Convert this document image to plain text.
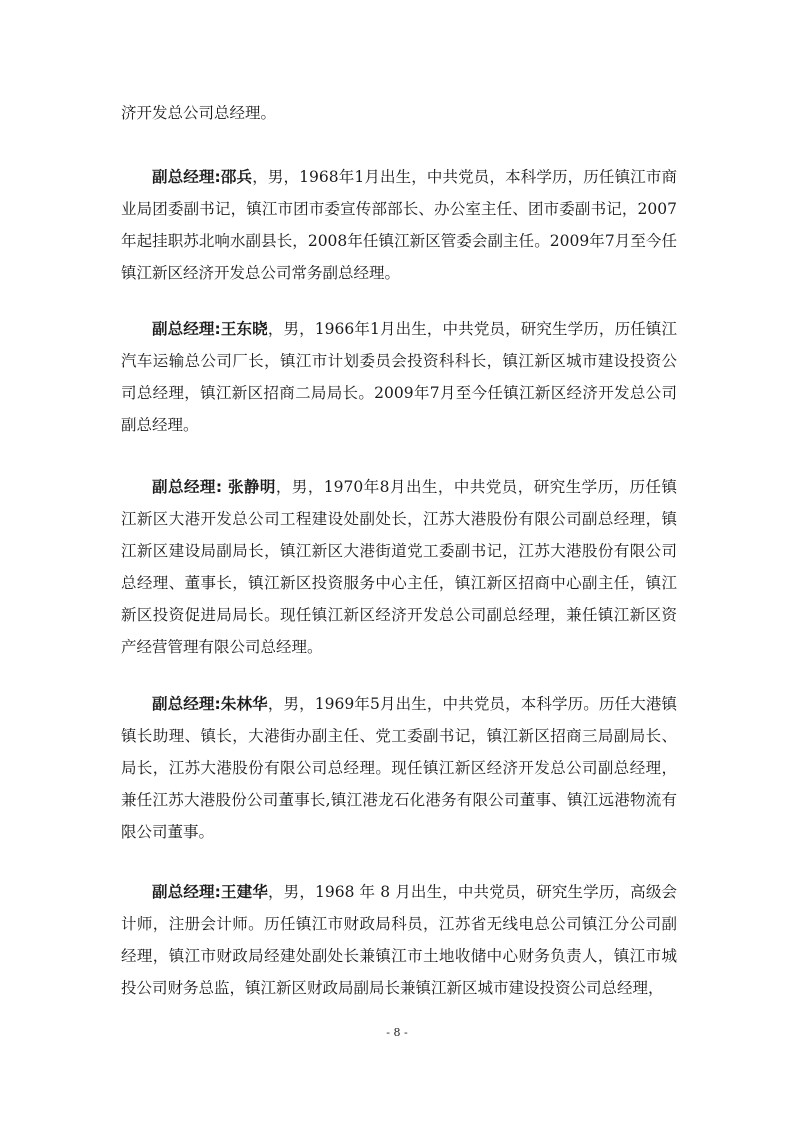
济开发总公司总经理。

副总经理:邵兵，男，1968年1月出生，中共党员，本科学历，历任镇江市商业局团委副书记，镇江市团市委宣传部部长、办公室主任、团市委副书记，2007年起挂职苏北响水副县长，2008年任镇江新区管委会副主任。2009年7月至今任镇江新区经济开发总公司常务副总经理。

副总经理:王东晓，男，1966年1月出生，中共党员，研究生学历，历任镇江汽车运输总公司厂长，镇江市计划委员会投资科科长，镇江新区城市建设投资公司总经理，镇江新区招商二局局长。2009年7月至今任镇江新区经济开发总公司副总经理。

副总经理: 张静明，男，1970年8月出生，中共党员，研究生学历，历任镇江新区大港开发总公司工程建设处副处长，江苏大港股份有限公司副总经理，镇江新区建设局副局长，镇江新区大港街道党工委副书记，江苏大港股份有限公司总经理、董事长，镇江新区投资服务中心主任，镇江新区招商中心副主任，镇江新区投资促进局局长。现任镇江新区经济开发总公司副总经理，兼任镇江新区资产经营管理有限公司总经理。

副总经理:朱林华，男，1969年5月出生，中共党员，本科学历。历任大港镇镇长助理、镇长，大港街办副主任、党工委副书记，镇江新区招商三局副局长、局长，江苏大港股份有限公司总经理。现任镇江新区经济开发总公司副总经理，兼任江苏大港股份公司董事长,镇江港龙石化港务有限公司董事、镇江远港物流有限公司董事。

副总经理:王建华，男，1968 年 8 月出生，中共党员，研究生学历，高级会计师，注册会计师。历任镇江市财政局科员，江苏省无线电总公司镇江分公司副经理，镇江市财政局经建处副处长兼镇江市土地收储中心财务负责人，镇江市城投公司财务总监，镇江新区财政局副局长兼镇江新区城市建设投资公司总经理，

- 8 -
